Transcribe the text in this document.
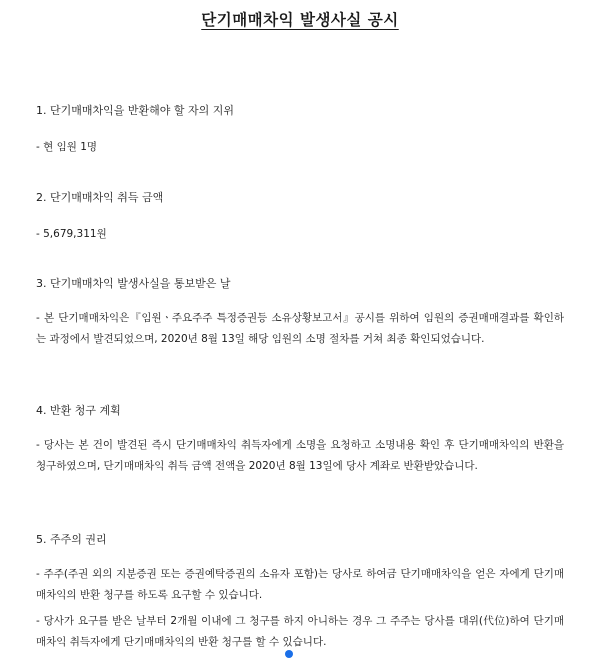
단기매매차익 발생사실 공시

1. 단기매매차익을 반환해야 할 자의 지위

- 현 임원 1명

2. 단기매매차익 취득 금액

- 5,679,311원

3. 단기매매차익 발생사실을 통보받은 날

- 본 단기매매차익은『임원ㆍ주요주주 특정증권등 소유상황보고서』공시를 위하여 임원의 증권매매결과를 확인하는 과정에서 발견되었으며, 2020년 8월 13일 해당 임원의 소명 절차를 거쳐 최종 확인되었습니다.

4. 반환 청구 계획

- 당사는 본 건이 발견된 즉시 단기매매차익 취득자에게 소명을 요청하고 소명내용 확인 후 단기매매차익의 반환을 청구하였으며, 단기매매차익 취득 금액 전액을 2020년 8월 13일에 당사 계좌로 반환받았습니다.

5. 주주의 권리

- 주주(주권 외의 지분증권 또는 증권예탁증권의 소유자 포함)는 당사로 하여금 단기매매차익을 얻은 자에게 단기매매차익의 반환 청구를 하도록 요구할 수 있습니다.

- 당사가 요구를 받은 날부터 2개월 이내에 그 청구를 하지 아니하는 경우 그 주주는 당사를 대위(代位)하여 단기매매차익 취득자에게 단기매매차익의 반환 청구를 할 수 있습니다.
